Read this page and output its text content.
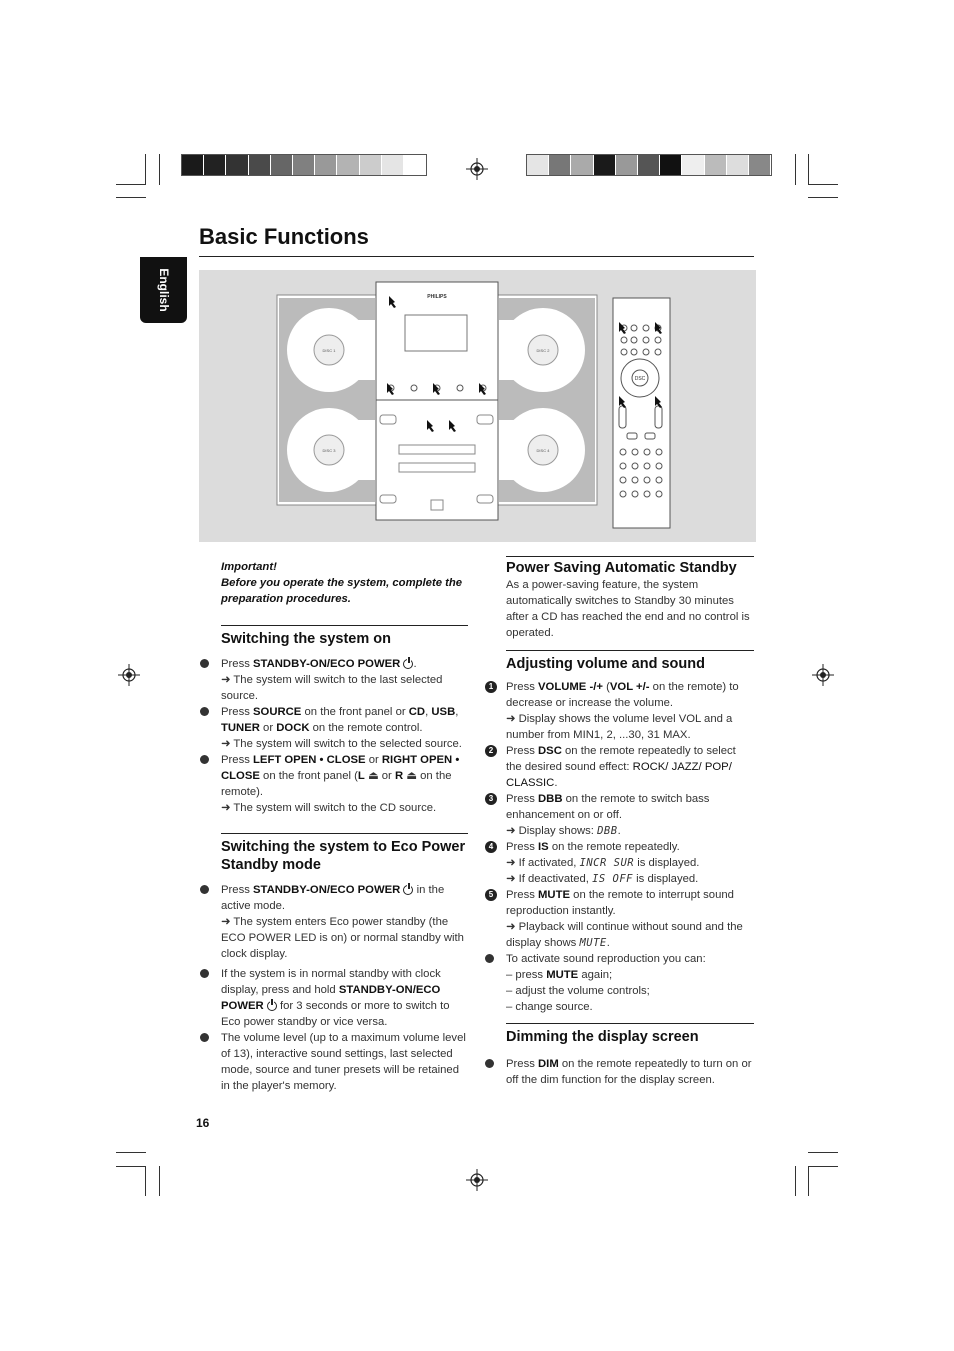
Basic Functions
English	PHILIPS
DISC 1	DISC 2
DISC 3	DISC 4
DSC

Important!

Before you operate the system, complete the preparation procedures.

Switching the system on

Press STANDBY-ON/ECO POWER .
➜ The system will switch to the last selected source.
Press SOURCE on the front panel or CD, USB, TUNER or DOCK on the remote control.
➜ The system will switch to the selected source.
Press LEFT OPEN • CLOSE or RIGHT OPEN • CLOSE on the front panel (L ⏏ or R ⏏ on the remote).
➜ The system will switch to the CD source.

Switching the system to Eco Power Standby mode

Press STANDBY-ON/ECO POWER  in the active mode.
➜ The system enters Eco power standby (the ECO POWER LED is on) or normal standby with clock display.
If the system is in normal standby with clock display, press and hold STANDBY-ON/ECO POWER  for 3 seconds or more to switch to Eco power standby or vice versa.
The volume level (up to a maximum volume level of 13), interactive sound settings, last selected mode, source and tuner presets will be retained in the player's memory.

Power Saving Automatic Standby

As a power-saving feature, the system automatically switches to Standby 30 minutes after a CD has reached the end and no control is operated.

Adjusting volume and sound

1	Press VOLUME -/+ (VOL +/- on the remote) to decrease or increase the volume.
➜ Display shows the volume level VOL and a number from MIN1, 2, ...30, 31 MAX.
2	Press DSC on the remote repeatedly to select the desired sound effect: ROCK/ JAZZ/ POP/ CLASSIC.
3	Press DBB on the remote to switch bass enhancement on or off.
➜ Display shows: DBB.
4	Press IS on the remote repeatedly.
➜ If activated, INCR SUR is displayed.
➜ If deactivated, IS OFF is displayed.
5	Press MUTE on the remote to interrupt sound reproduction instantly.
➜ Playback will continue without sound and the display shows MUTE.
To activate sound reproduction you can:
– press MUTE again;
– adjust the volume controls;
– change source.

Dimming the display screen

Press DIM on the remote repeatedly to turn on or off the dim function for the display screen.
16
